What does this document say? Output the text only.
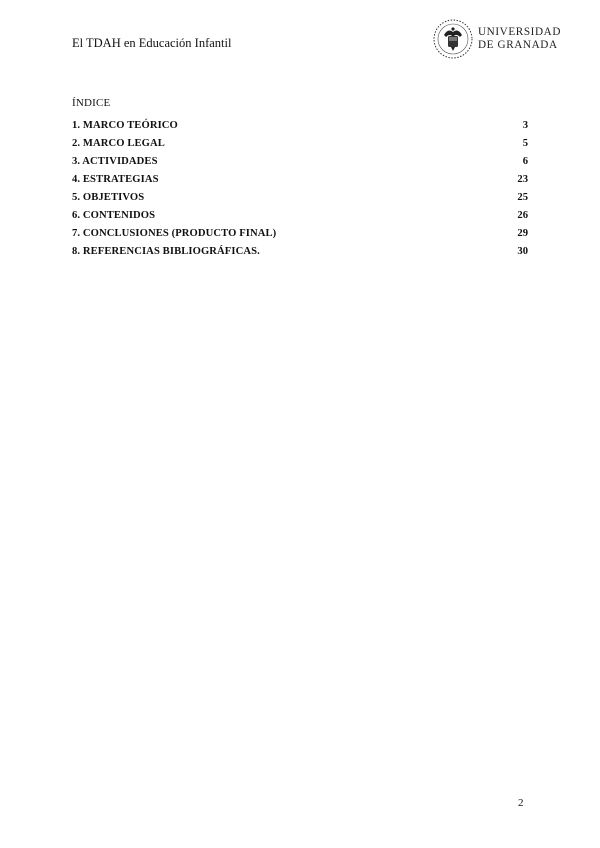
El TDAH en Educación Infantil
UNIVERSIDAD
DE GRANADA
ÍNDICE
1. MARCO TEÓRICO	3
2. MARCO LEGAL	5
3. ACTIVIDADES	6
4. ESTRATEGIAS	23
5. OBJETIVOS	25
6. CONTENIDOS	26
7. CONCLUSIONES (PRODUCTO FINAL)	29
8. REFERENCIAS BIBLIOGRÁFICAS.	30
2
